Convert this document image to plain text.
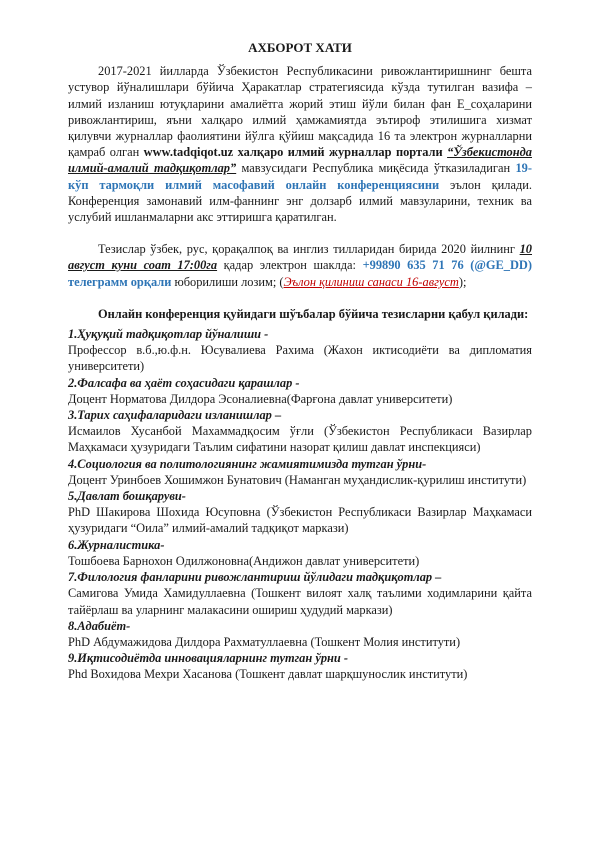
АХБОРОТ ХАТИ

2017-2021 йилларда Ўзбекистон Республикасини ривожлантиришнинг бешта устувор йўналишлари бўйича Ҳаракатлар стратегиясида кўзда тутилган вазифа – илмий изланиш ютуқларини амалиётга жорий этиш йўли билан фан Е_соҳаларини ривожлантириш, яъни халқаро илмий ҳамжамиятда эътироф этилишига хизмат қилувчи журналлар фаолиятини йўлга қўйиш мақсадида 16 та электрон журналларни қамраб олган www.tadqiqot.uz халқаро илмий журналлар портали “Ўзбекистонда илмий-амалий тадқиқотлар” мавзусидаги Республика миқёсида ўтказиладиган 19-кўп тармоқли илмий масофавий онлайн конференциясини эълон қилади. Конференция замонавий илм-фаннинг энг долзарб илмий мавзуларини, техник ва услубий ишланмаларни акс эттиришга қаратилган.

Тезислар ўзбек, рус, қорақалпоқ ва инглиз тилларидан бирида 2020 йилнинг 10 август куни соат 17:00га қадар электрон шаклда: +99890 635 71 76 (@GE_DD) телеграмм орқали юборилиши лозим; (Эълон қилиниш санаси 16-август);

Онлайн конференция қуйидаги шўъбалар бўйича тезисларни қабул қилади:

1.Ҳуқуқий тадқиқотлар йўналиши -

Профессор в.б.,ю.ф.н. Юсувалиева Рахима (Жахон иктисодиёти ва дипломатия университети)

2.Фалсафа ва ҳаёт соҳасидаги қарашлар -

Доцент Норматова Дилдора Эсоналиевна(Фарғона давлат университети)

3.Тарих саҳифаларидаги изланишлар –

Исмаилов Хусанбой Махаммадқосим ўғли (Ўзбекистон Республикаси Вазирлар Маҳкамаси ҳузуридаги Таълим сифатини назорат қилиш давлат инспекцияси)

4.Социология ва политологиянинг жамиятимизда тутган ўрни-

Доцент Уринбоев Хошимжон Бунатович (Наманган муҳандислик-қурилиш институти)

5.Давлат бошқаруви-

PhD Шакирова Шохида Юсуповна (Ўзбекистон Республикаси Вазирлар Маҳкамаси ҳузуридаги “Оила” илмий-амалий тадқиқот маркази)

6.Журналистика-

Тошбоева Барнохон Одилжоновна(Андижон давлат университети)

7.Филология фанларини ривожлантириш йўлидаги тадқиқотлар –

Самигова Умида Хамидуллаевна (Тошкент вилоят халқ таълими ходимларини қайта тайёрлаш ва уларнинг малакасини ошириш ҳудудий маркази)

8.Адабиёт-

PhD Абдумажидова Дилдора Рахматуллаевна (Тошкент Молия институти)

9.Иқтисодиётда инновацияларнинг тутган ўрни -

Phd Вохидова Мехри Хасанова (Тошкент давлат шарқшунослик институти)
